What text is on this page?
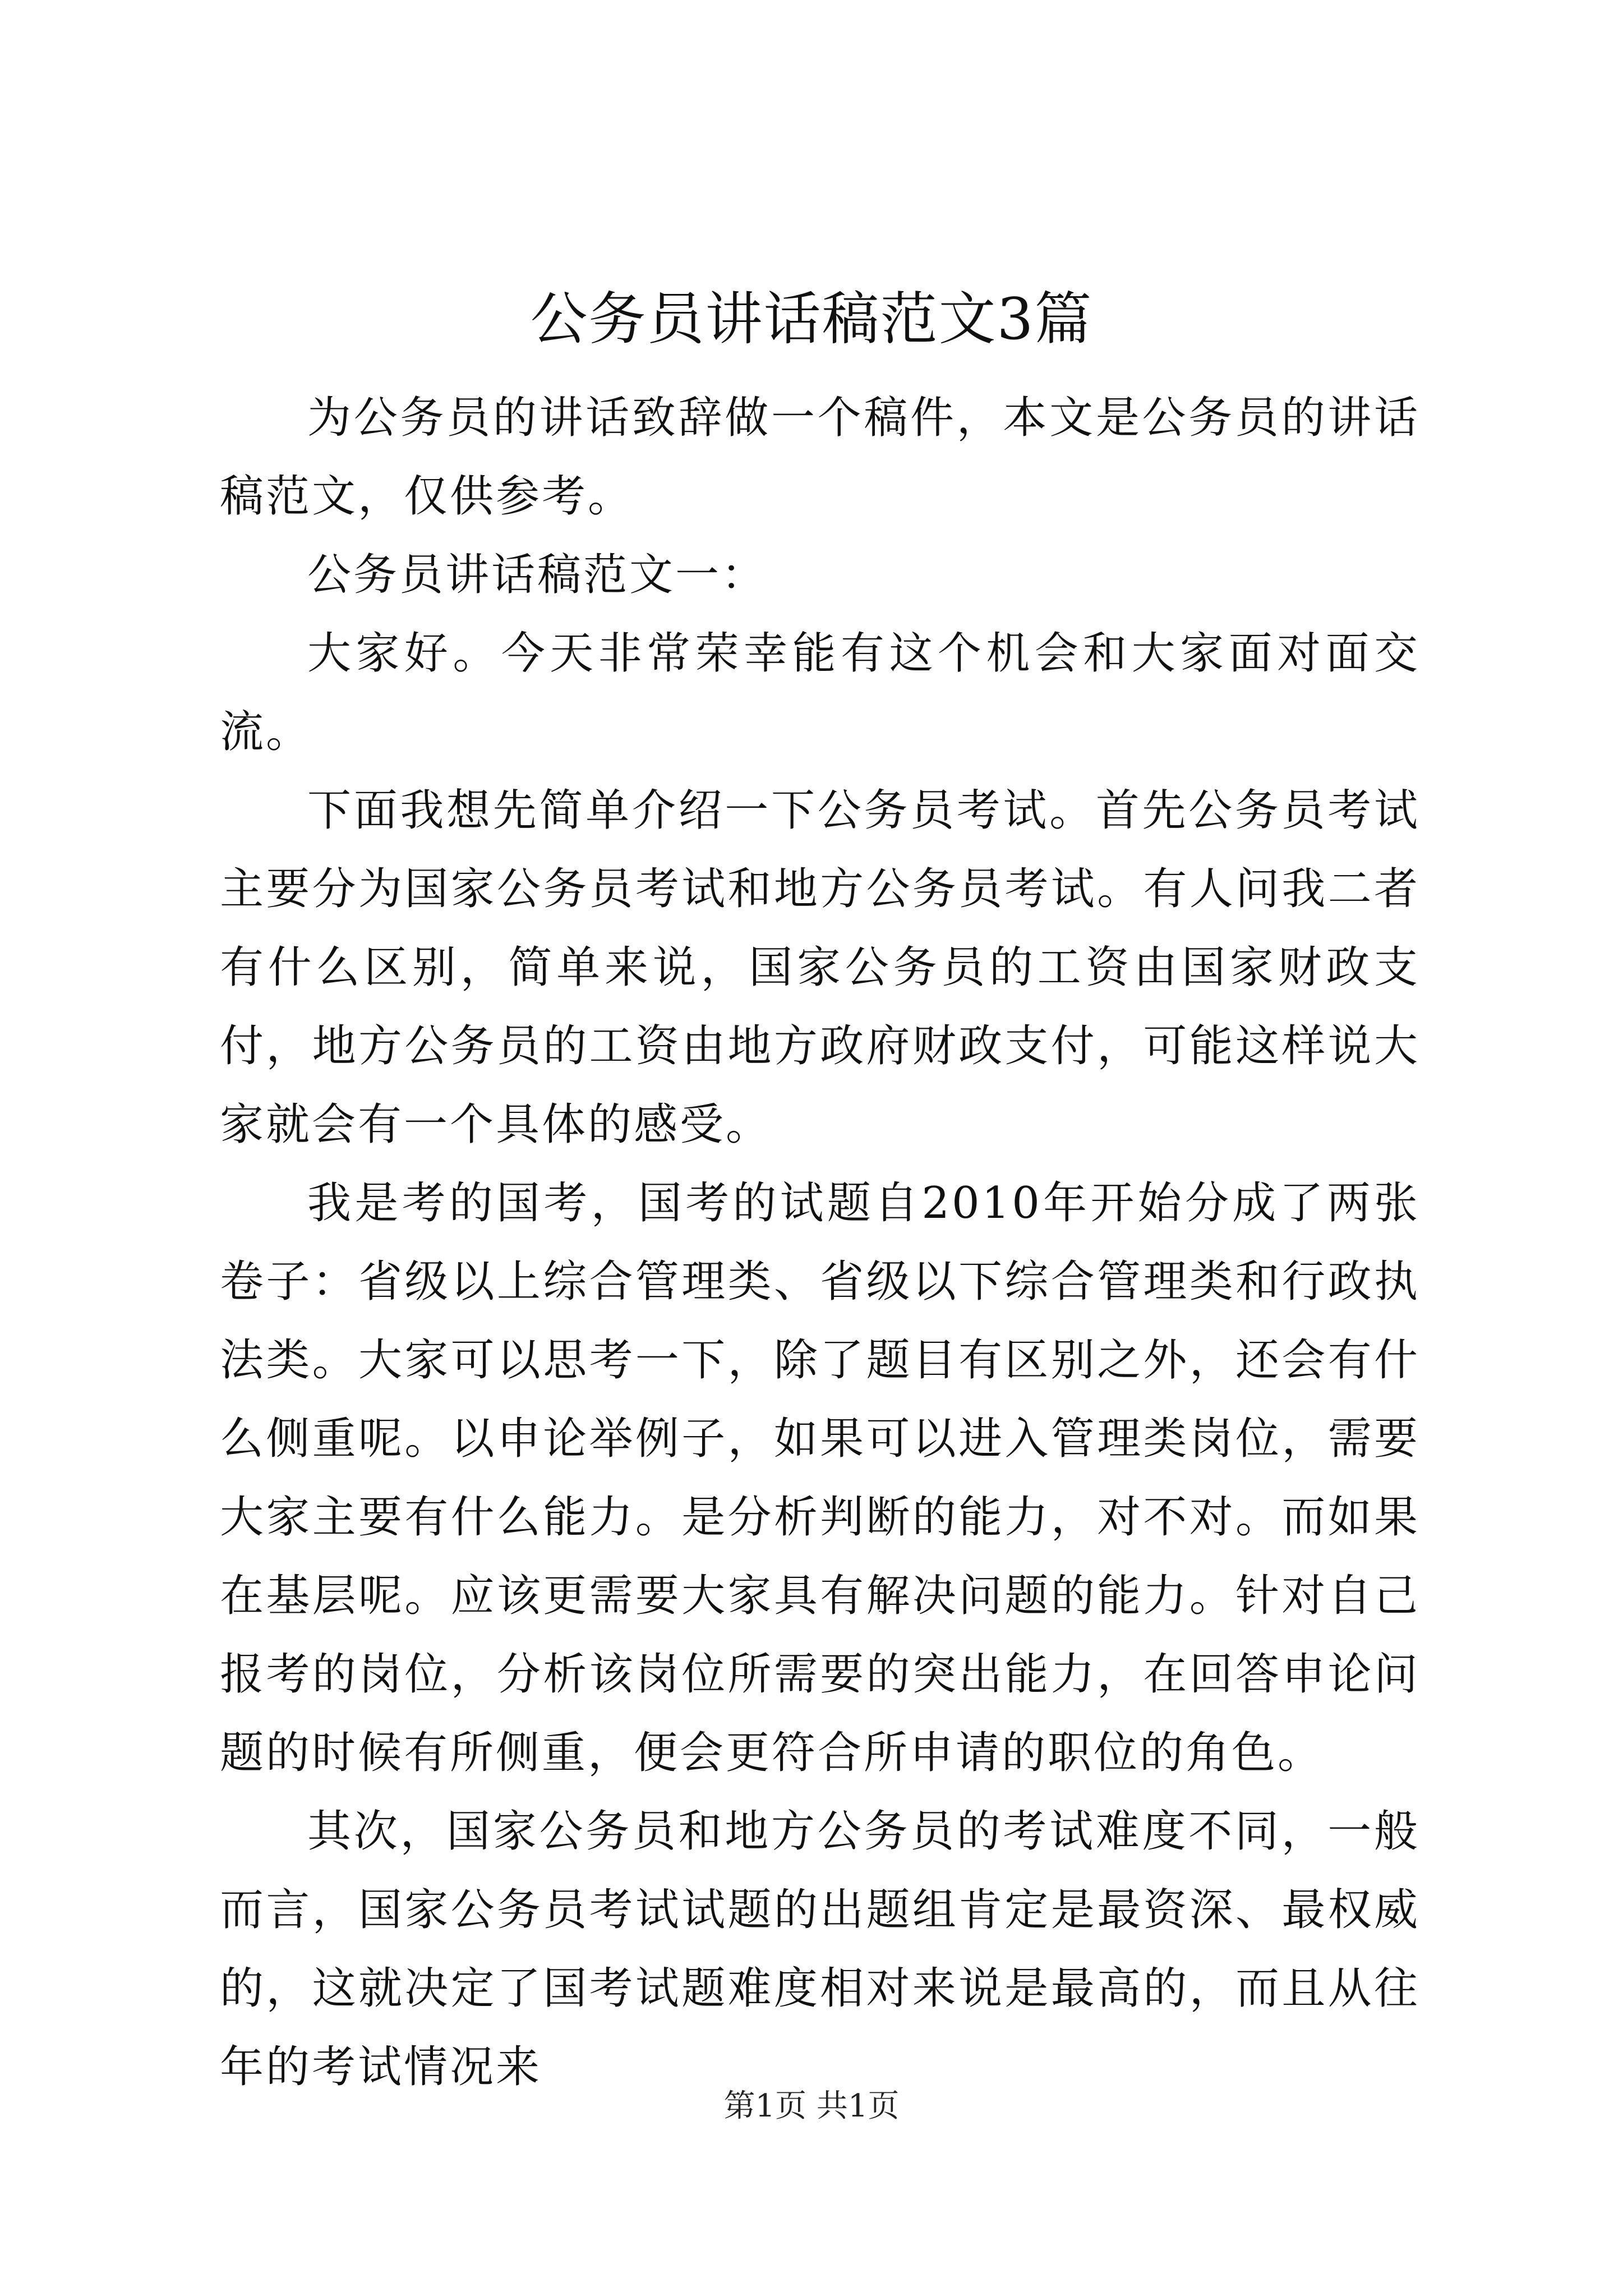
公务员讲话稿范文3篇

为公务员的讲话致辞做一个稿件，本文是公务员的讲话稿范文，仅供参考。

公务员讲话稿范文一：

大家好。今天非常荣幸能有这个机会和大家面对面交流。

下面我想先简单介绍一下公务员考试。首先公务员考试主要分为国家公务员考试和地方公务员考试。有人问我二者有什么区别，简单来说，国家公务员的工资由国家财政支付，地方公务员的工资由地方政府财政支付，可能这样说大家就会有一个具体的感受。

我是考的国考，国考的试题自2010年开始分成了两张卷子：省级以上综合管理类、省级以下综合管理类和行政执法类。大家可以思考一下，除了题目有区别之外，还会有什么侧重呢。以申论举例子，如果可以进入管理类岗位，需要大家主要有什么能力。是分析判断的能力，对不对。而如果在基层呢。应该更需要大家具有解决问题的能力。针对自己报考的岗位，分析该岗位所需要的突出能力，在回答申论问题的时候有所侧重，便会更符合所申请的职位的角色。

其次，国家公务员和地方公务员的考试难度不同，一般而言，国家公务员考试试题的出题组肯定是最资深、最权威的，这就决定了国考试题难度相对来说是最高的，而且从往年的考试情况来

第1页 共1页
